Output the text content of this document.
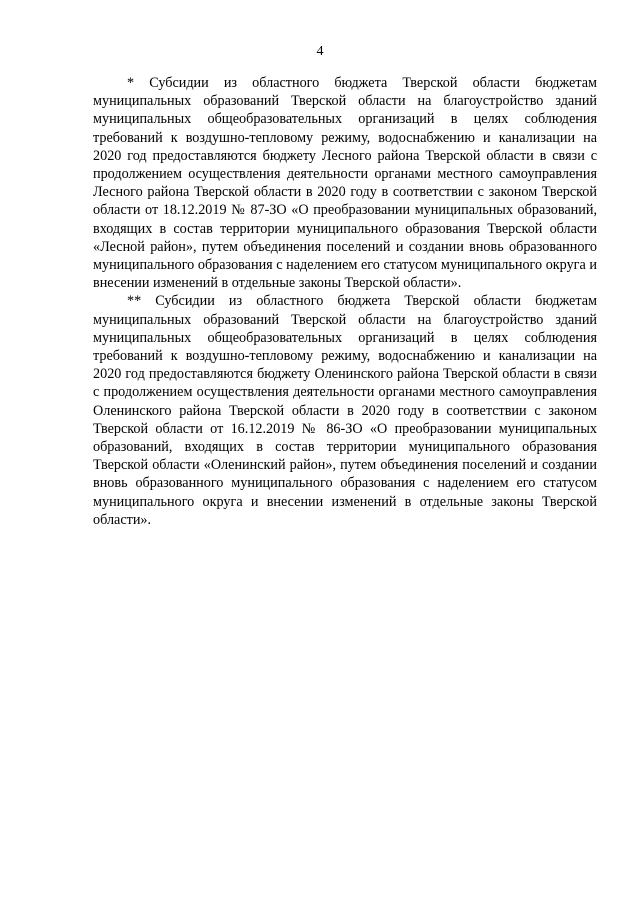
4

* Субсидии из областного бюджета Тверской области бюджетам муниципальных образований Тверской области на благоустройство зданий муниципальных общеобразовательных организаций в целях соблюдения требований к воздушно-тепловому режиму, водоснабжению и канализации на 2020 год предоставляются бюджету Лесного района Тверской области в связи с продолжением осуществления деятельности органами местного самоуправления Лесного района Тверской области в 2020 году в соответствии с законом Тверской области от 18.12.2019 № 87-ЗО «О преобразовании муниципальных образований, входящих в состав территории муниципального образования Тверской области «Лесной район», путем объединения поселений и создании вновь образованного муниципального образования с наделением его статусом муниципального округа и внесении изменений в отдельные законы Тверской области».

** Субсидии из областного бюджета Тверской области бюджетам муниципальных образований Тверской области на благоустройство зданий муниципальных общеобразовательных организаций в целях соблюдения требований к воздушно-тепловому режиму, водоснабжению и канализации на 2020 год предоставляются бюджету Оленинского района Тверской области в связи с продолжением осуществления деятельности органами местного самоуправления Оленинского района Тверской области в 2020 году в соответствии с законом Тверской области от 16.12.2019 № 86-ЗО «О преобразовании муниципальных образований, входящих в состав территории муниципального образования Тверской области «Оленинский район», путем объединения поселений и создании вновь образованного муниципального образования с наделением его статусом муниципального округа и внесении изменений в отдельные законы Тверской области».
